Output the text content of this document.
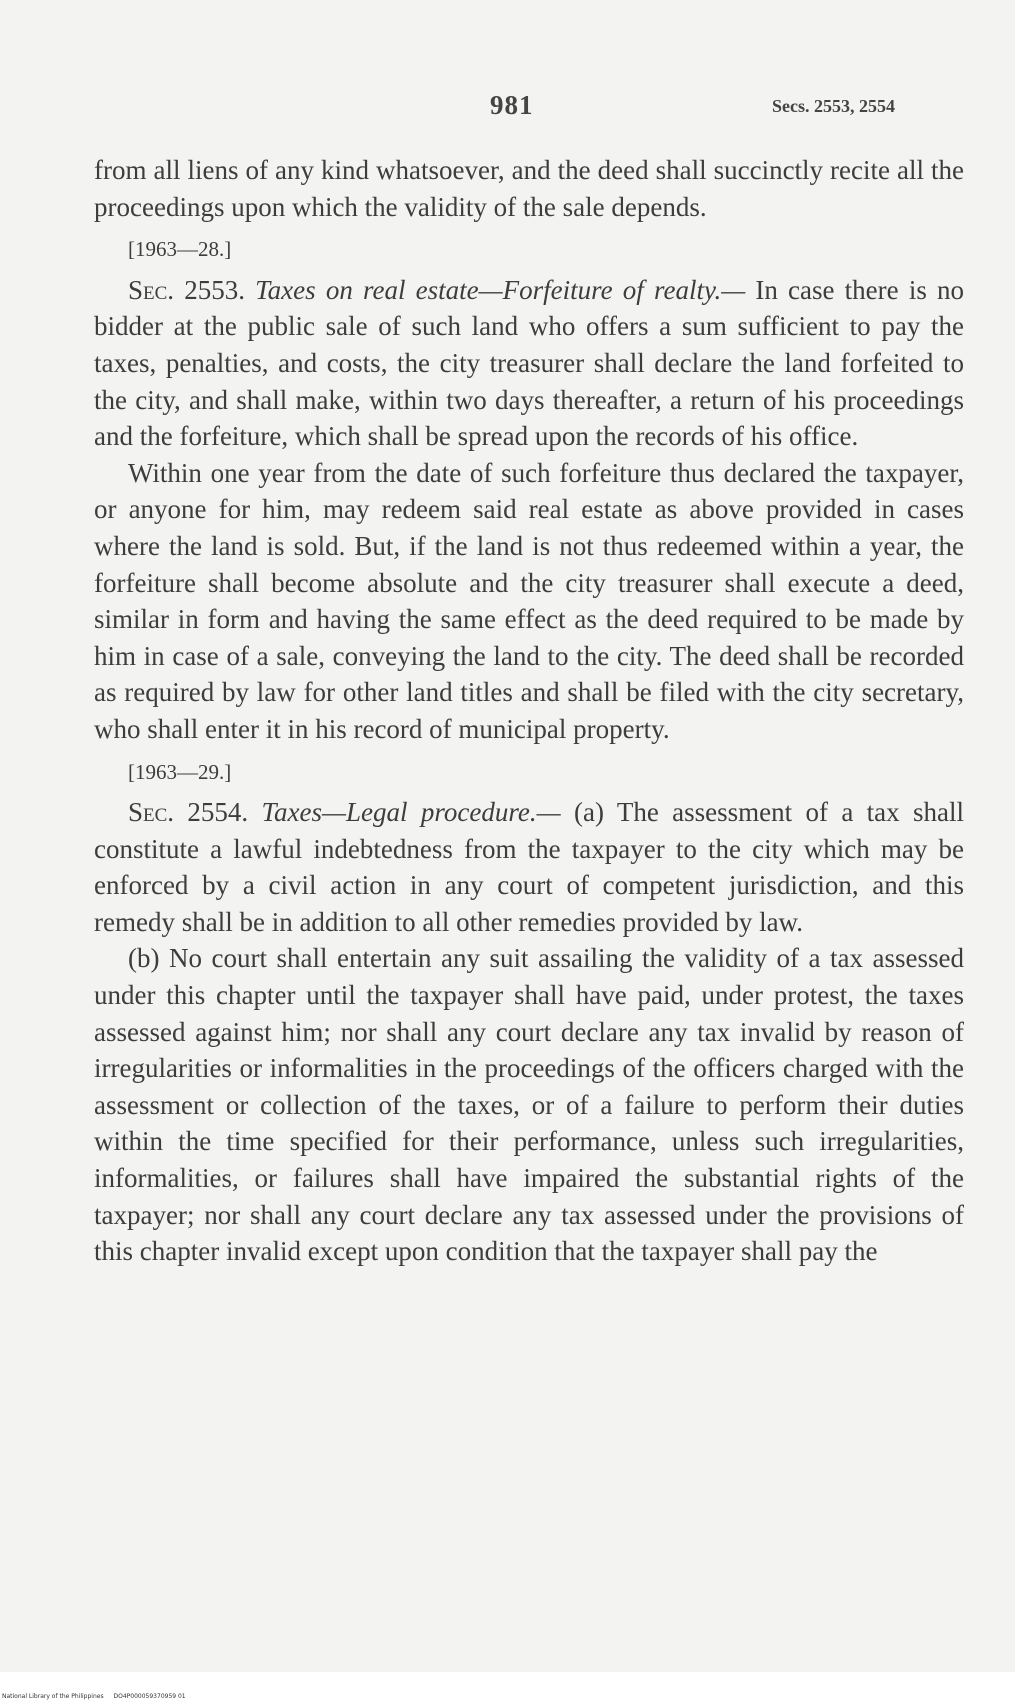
981	Secs. 2553, 2554

from all liens of any kind whatsoever, and the deed shall succinctly recite all the proceedings upon which the validity of the sale depends.

[1963—28.]

Sec. 2553. Taxes on real estate—Forfeiture of realty.— In case there is no bidder at the public sale of such land who offers a sum sufficient to pay the taxes, penalties, and costs, the city treasurer shall declare the land forfeited to the city, and shall make, within two days thereafter, a return of his proceedings and the forfeiture, which shall be spread upon the records of his office.

Within one year from the date of such forfeiture thus declared the taxpayer, or anyone for him, may redeem said real estate as above provided in cases where the land is sold. But, if the land is not thus redeemed within a year, the forfeiture shall become absolute and the city treasurer shall execute a deed, similar in form and having the same effect as the deed required to be made by him in case of a sale, conveying the land to the city. The deed shall be recorded as required by law for other land titles and shall be filed with the city secretary, who shall enter it in his record of municipal property.

[1963—29.]

Sec. 2554. Taxes—Legal procedure.— (a) The assessment of a tax shall constitute a lawful indebtedness from the taxpayer to the city which may be enforced by a civil action in any court of competent jurisdiction, and this remedy shall be in addition to all other remedies provided by law.

(b) No court shall entertain any suit assailing the validity of a tax assessed under this chapter until the taxpayer shall have paid, under protest, the taxes assessed against him; nor shall any court declare any tax invalid by reason of irregularities or informalities in the proceedings of the officers charged with the assessment or collection of the taxes, or of a failure to perform their duties within the time specified for their performance, unless such irregularities, informalities, or failures shall have impaired the substantial rights of the taxpayer; nor shall any court declare any tax assessed under the provisions of this chapter invalid except upon condition that the taxpayer shall pay the

National Library of the Philippines DO4P000059370959 01
